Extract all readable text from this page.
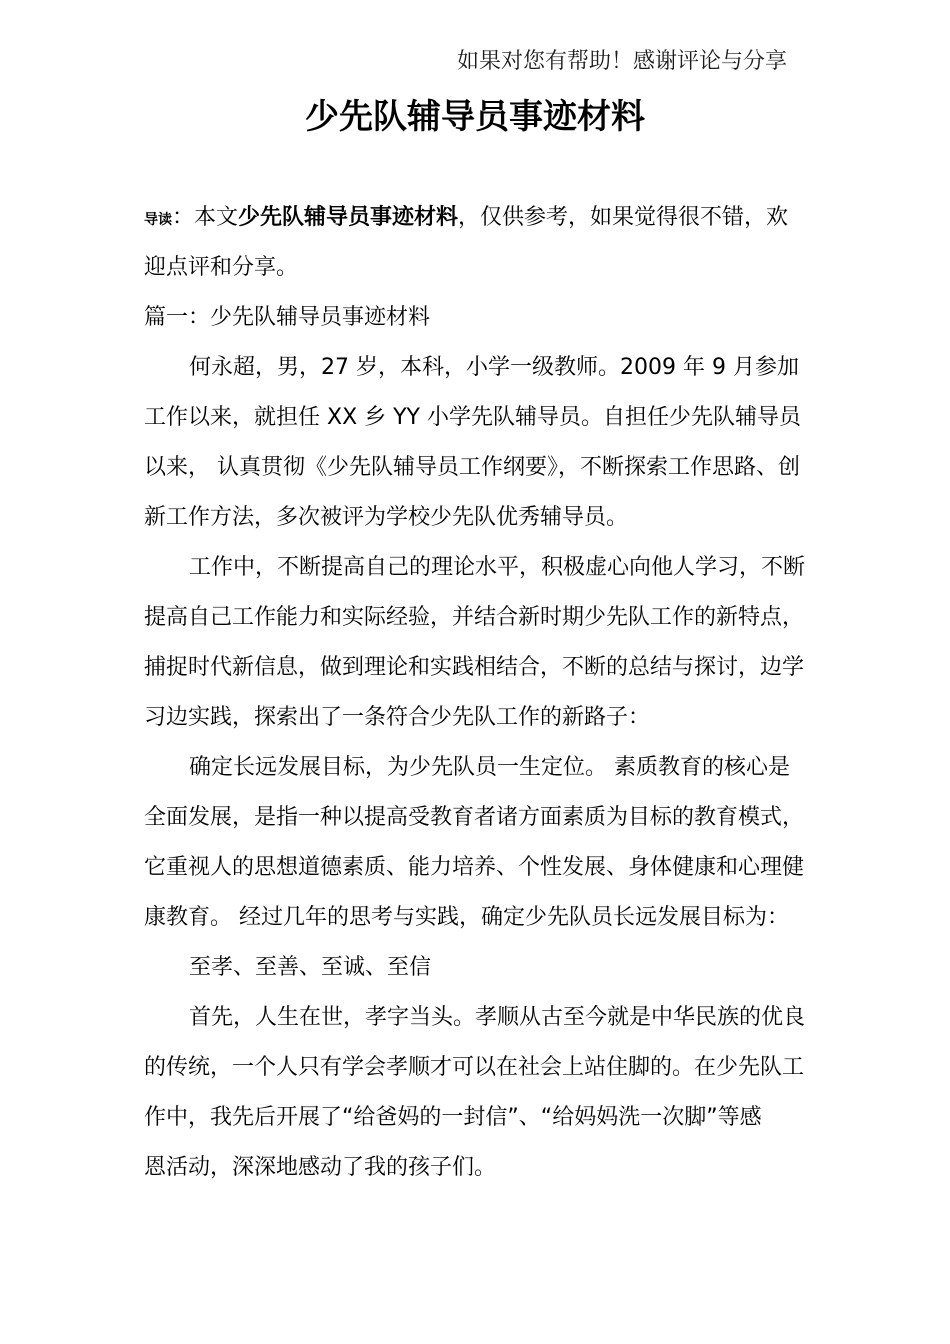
如果对您有帮助！感谢评论与分享
少先队辅导员事迹材料
导读：本文少先队辅导员事迹材料，仅供参考，如果觉得很不错，欢
迎点评和分享。
篇一：少先队辅导员事迹材料
何永超，男，27 岁，本科，小学一级教师。2009 年 9 月参加
工作以来，就担任 XX 乡 YY 小学先队辅导员。自担任少先队辅导员
以来， 认真贯彻《少先队辅导员工作纲要》，不断探索工作思路、创
新工作方法，多次被评为学校少先队优秀辅导员。
工作中，不断提高自己的理论水平，积极虚心向他人学习，不断
提高自己工作能力和实际经验，并结合新时期少先队工作的新特点，
捕捉时代新信息，做到理论和实践相结合，不断的总结与探讨，边学
习边实践，探索出了一条符合少先队工作的新路子：
确定长远发展目标，为少先队员一生定位。 素质教育的核心是
全面发展，是指一种以提高受教育者诸方面素质为目标的教育模式，
它重视人的思想道德素质、能力培养、个性发展、身体健康和心理健
康教育。 经过几年的思考与实践，确定少先队员长远发展目标为：
至孝、至善、至诚、至信
首先，人生在世，孝字当头。孝顺从古至今就是中华民族的优良
的传统，一个人只有学会孝顺才可以在社会上站住脚的。在少先队工
作中，我先后开展了“给爸妈的一封信”、“给妈妈洗一次脚”等感
恩活动，深深地感动了我的孩子们。
